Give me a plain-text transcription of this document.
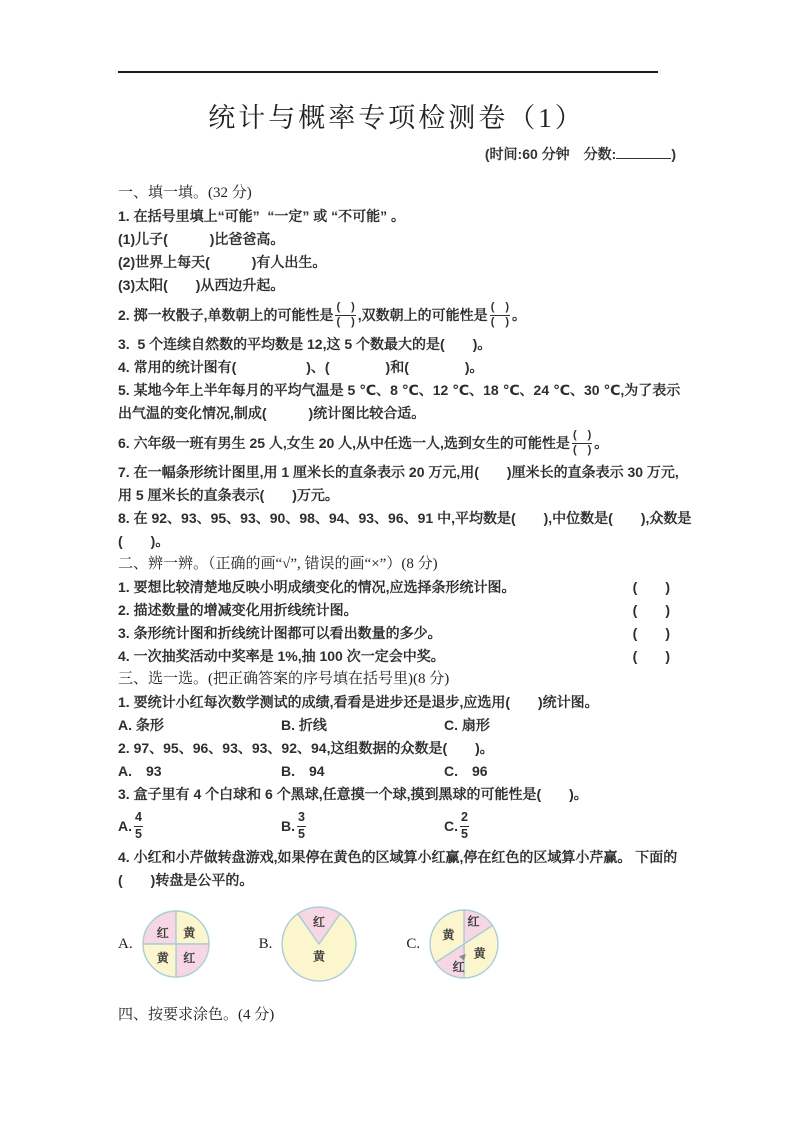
统计与概率专项检测卷（1）
(时间:60 分钟　分数:	)
一、填一填。(32 分)
1. 在括号里填上“可能”  “一定” 或 “不可能” 。
(1)儿子(　　　)比爸爸高。
(2)世界上每天(　　　)有人出生。
(3)太阳(　　)从西边升起。
2. 掷一枚骰子,单数朝上的可能性是 $\frac{( )}{( )}$ ,双数朝上的可能性是 $\frac{( )}{( )}$ 。
3.  5 个连续自然数的平均数是 12,这 5 个数最大的是(　　)。
4. 常用的统计图有(　　　　　)、(　　　　)和(　　　　)。
5. 某地今年上半年每月的平均气温是 5 ℃、8 ℃、12 ℃、18 ℃、24 ℃、30 ℃,为了表示
出气温的变化情况,制成(　　　)统计图比较合适。
6. 六年级一班有男生 25 人,女生 20 人,从中任选一人,选到女生的可能性是 $\frac{( )}{( )}$ 。
7. 在一幅条形统计图里,用 1 厘米长的直条表示 20 万元,用(　　)厘米长的直条表示 30 万元,
用 5 厘米长的直条表示(　　)万元。
8. 在 92、93、95、93、90、98、94、93、96、91 中,平均数是(　　),中位数是(　　),众数是
(　　)。
二、辨一辨。（正确的画“√”, 错误的画“×”）(8 分)
1. 要想比较清楚地反映小明成绩变化的情况,应选择条形统计图。	(　　)
2. 描述数量的增减变化用折线统计图。	(　　)
3. 条形统计图和折线统计图都可以看出数量的多少。	(　　)
4. 一次抽奖活动中奖率是 1%,抽 100 次一定会中奖。	(　　)
三、选一选。(把正确答案的序号填在括号里)(8 分)
1. 要统计小红每次数学测试的成绩,看看是进步还是退步,应选用(　　)统计图。
A. 条形	B. 折线	C. 扇形
2. 97、95、96、93、93、92、94,这组数据的众数是(　　)。
A.　93	B.　94	C.　96
3. 盒子里有 4 个白球和 6 个黑球,任意摸一个球,摸到黑球的可能性是(　　)。
A. $\frac{4}{5}$	B. $\frac{3}{5}$	C. $\frac{2}{5}$
4. 小红和小芹做转盘游戏,如果停在黄色的区域算小红赢,停在红色的区域算小芹赢。 下面的
(　　)转盘是公平的。
A.
红 黄
红
黄
B.
黄
红
C.
红
黄
红
黄
四、按要求涂色。(4 分)
